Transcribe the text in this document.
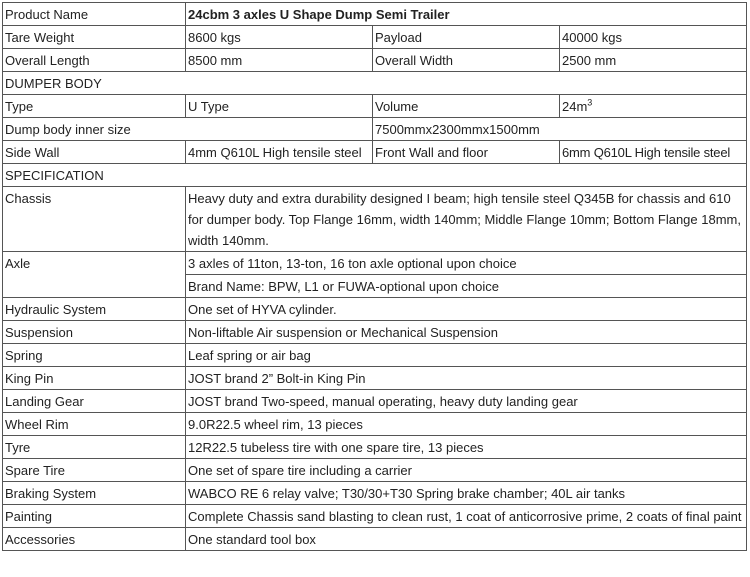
Product Name	24cbm 3 axles U Shape Dump Semi Trailer		
Tare Weight	8600 kgs	Payload	40000 kgs
Overall Length	8500 mm	Overall Width	2500 mm
DUMPER BODY			
Type	U Type	Volume	$24m^3$
Dump body inner size		7500mmx2300mmx1500mm	
Side Wall	4mm Q610L High tensile steel	Front Wall and floor	6mm Q610L High tensile steel
SPECIFICATION			
Chassis	Heavy duty and extra durability designed I beam; high tensile steel Q345B for chassis and 610 for dumper body. Top Flange 16mm, width 140mm; Middle Flange 10mm; Bottom Flange 18mm, width 140mm.		
Axle	3 axles of 11ton, 13-ton, 16 ton axle optional upon choice		
	Brand Name: BPW, L1 or FUWA-optional upon choice		
Hydraulic System	One set of HYVA cylinder.		
Suspension	Non-liftable Air suspension or Mechanical Suspension		
Spring	Leaf spring or air bag		
King Pin	JOST brand 2” Bolt-in King Pin		
Landing Gear	JOST brand Two-speed, manual operating, heavy duty landing gear		
Wheel Rim	9.0R22.5 wheel rim, 13 pieces		
Tyre	12R22.5 tubeless tire with one spare tire, 13 pieces		
Spare Tire	One set of spare tire including a carrier		
Braking System	WABCO RE 6 relay valve; T30/30+T30 Spring brake chamber; 40L air tanks		
Painting	Complete Chassis sand blasting to clean rust, 1 coat of anticorrosive prime, 2 coats of final paint		
Accessories	One standard tool box		
